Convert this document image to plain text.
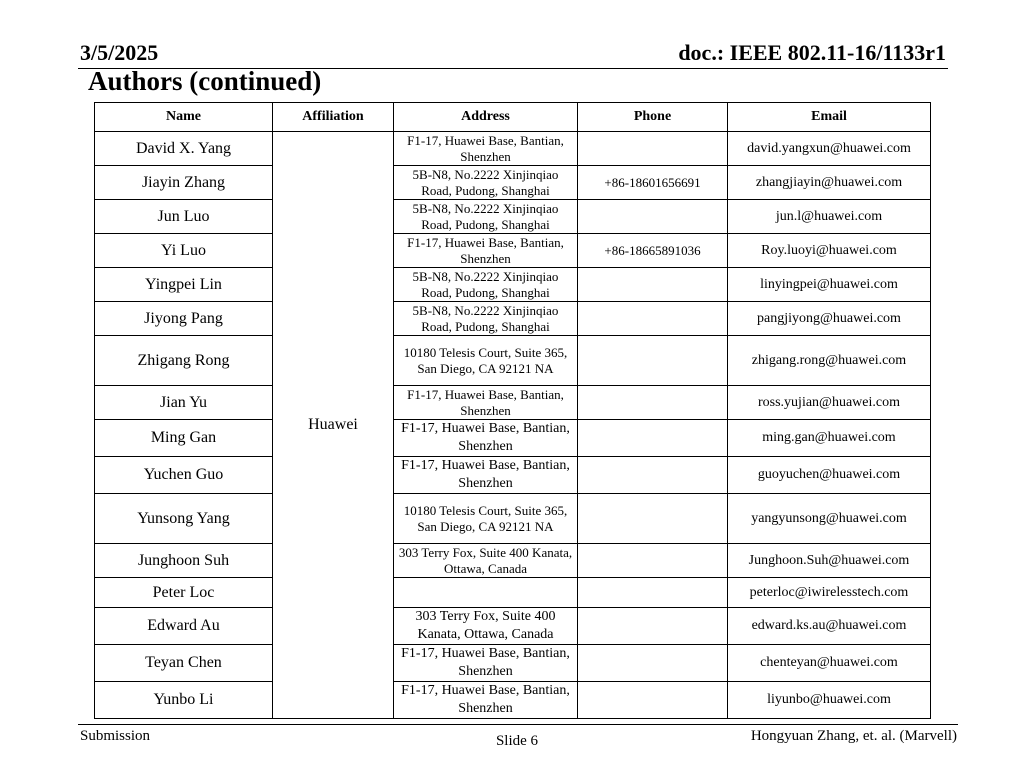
3/5/2025	doc.: IEEE 802.11-16/1133r1
Authors (continued)
Name	Affiliation	Address	Phone	Email
David X. Yang	Huawei	F1-17, Huawei Base, Bantian, Shenzhen		david.yangxun@huawei.com
Jiayin Zhang		5B-N8, No.2222 Xinjinqiao Road, Pudong, Shanghai	+86-18601656691	zhangjiayin@huawei.com
Jun Luo		5B-N8, No.2222 Xinjinqiao Road, Pudong, Shanghai		jun.l@huawei.com
Yi Luo		F1-17, Huawei Base, Bantian, Shenzhen	+86-18665891036	Roy.luoyi@huawei.com
Yingpei Lin		5B-N8, No.2222 Xinjinqiao Road, Pudong, Shanghai		linyingpei@huawei.com
Jiyong Pang		5B-N8, No.2222 Xinjinqiao Road, Pudong, Shanghai		pangjiyong@huawei.com
Zhigang Rong		10180 Telesis Court, Suite 365, San Diego, CA 92121 NA		zhigang.rong@huawei.com
Jian Yu		F1-17, Huawei Base, Bantian, Shenzhen		ross.yujian@huawei.com
Ming Gan		F1-17, Huawei Base, Bantian, Shenzhen		ming.gan@huawei.com
Yuchen Guo		F1-17, Huawei Base, Bantian, Shenzhen		guoyuchen@huawei.com
Yunsong Yang		10180 Telesis Court, Suite 365, San Diego, CA 92121 NA		yangyunsong@huawei.com
Junghoon Suh		303 Terry Fox, Suite 400 Kanata, Ottawa, Canada		Junghoon.Suh@huawei.com
Peter Loc				peterloc@iwirelesstech.com
Edward Au		303 Terry Fox, Suite 400 Kanata, Ottawa, Canada		edward.ks.au@huawei.com
Teyan Chen		F1-17, Huawei Base, Bantian, Shenzhen		chenteyan@huawei.com
Yunbo Li		F1-17, Huawei Base, Bantian, Shenzhen		liyunbo@huawei.com
Submission	Slide 6	Hongyuan Zhang, et. al. (Marvell)
